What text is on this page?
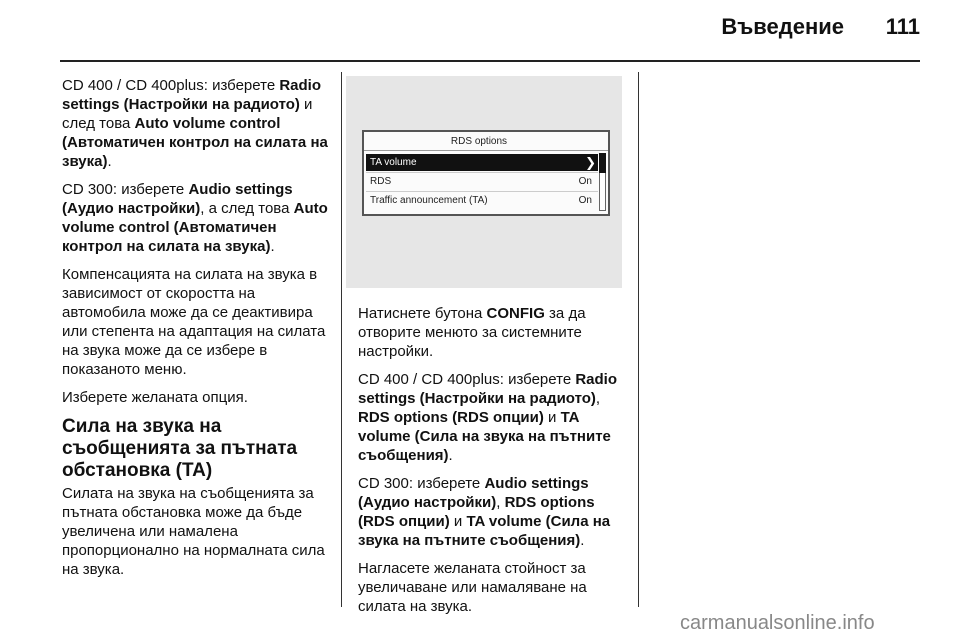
Въведение	111

CD 400 / CD 400plus: изберете Radio settings (Настройки на радиото) и след това Auto volume control (Автоматичен контрол на силата на звука).

CD 300: изберете Audio settings (Аудио настройки), а след това Auto volume control (Автоматичен контрол на силата на звука).

Компенсацията на силата на звука в зависимост от скоростта на автомобила може да се деактивира или степента на адаптация на силата на звука може да се избере в показаното меню.

Изберете желаната опция.

Сила на звука на съобщенията за пътната обстановка (TA)

Силата на звука на съобщенията за пътната обстановка може да бъде увеличена или намалена пропорционално на нормалната сила на звука.

RDS options
TA volume	❯
RDS	On
Traffic announcement (TA)	On

Натиснете бутона CONFIG за да отворите менюто за системните настройки.

CD 400 / CD 400plus: изберете Radio settings (Настройки на радиото), RDS options (RDS опции) и TA volume (Сила на звука на пътните съобщения).

CD 300: изберете Audio settings (Аудио настройки), RDS options (RDS опции) и TA volume (Сила на звука на пътните съобщения).

Нагласете желаната стойност за увеличаване или намаляване на силата на звука.

carmanualsonline.info
